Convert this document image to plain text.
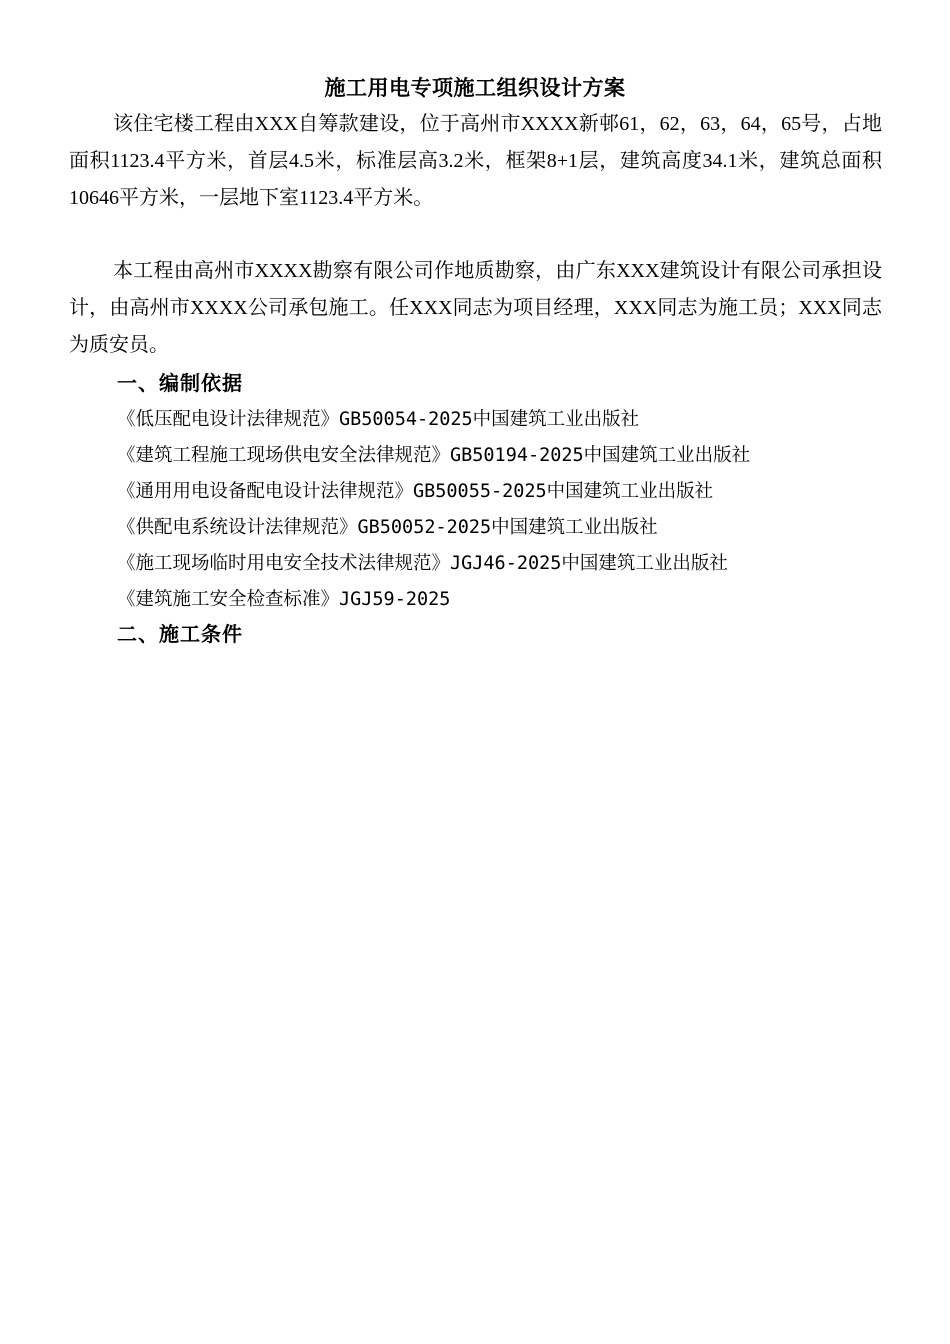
施工用电专项施工组织设计方案

该住宅楼工程由XXX自筹款建设，位于高州市XXXX新邨61，62，63，64，65号，占地面积1123.4平方米，首层4.5米，标准层高3.2米，框架8+1层，建筑高度34.1米，建筑总面积10646平方米，一层地下室1123.4平方米。

本工程由高州市XXXX勘察有限公司作地质勘察，由广东XXX建筑设计有限公司承担设计，由高州市XXXX公司承包施工。任XXX同志为项目经理，XXX同志为施工员；XXX同志为质安员。

一、编制依据
《低压配电设计法律规范》GB50054-2025中国建筑工业出版社
《建筑工程施工现场供电安全法律规范》GB50194-2025中国建筑工业出版社
《通用用电设备配电设计法律规范》GB50055-2025中国建筑工业出版社
《供配电系统设计法律规范》GB50052-2025中国建筑工业出版社
《施工现场临时用电安全技术法律规范》JGJ46-2025中国建筑工业出版社
《建筑施工安全检查标准》JGJ59-2025
二、施工条件
